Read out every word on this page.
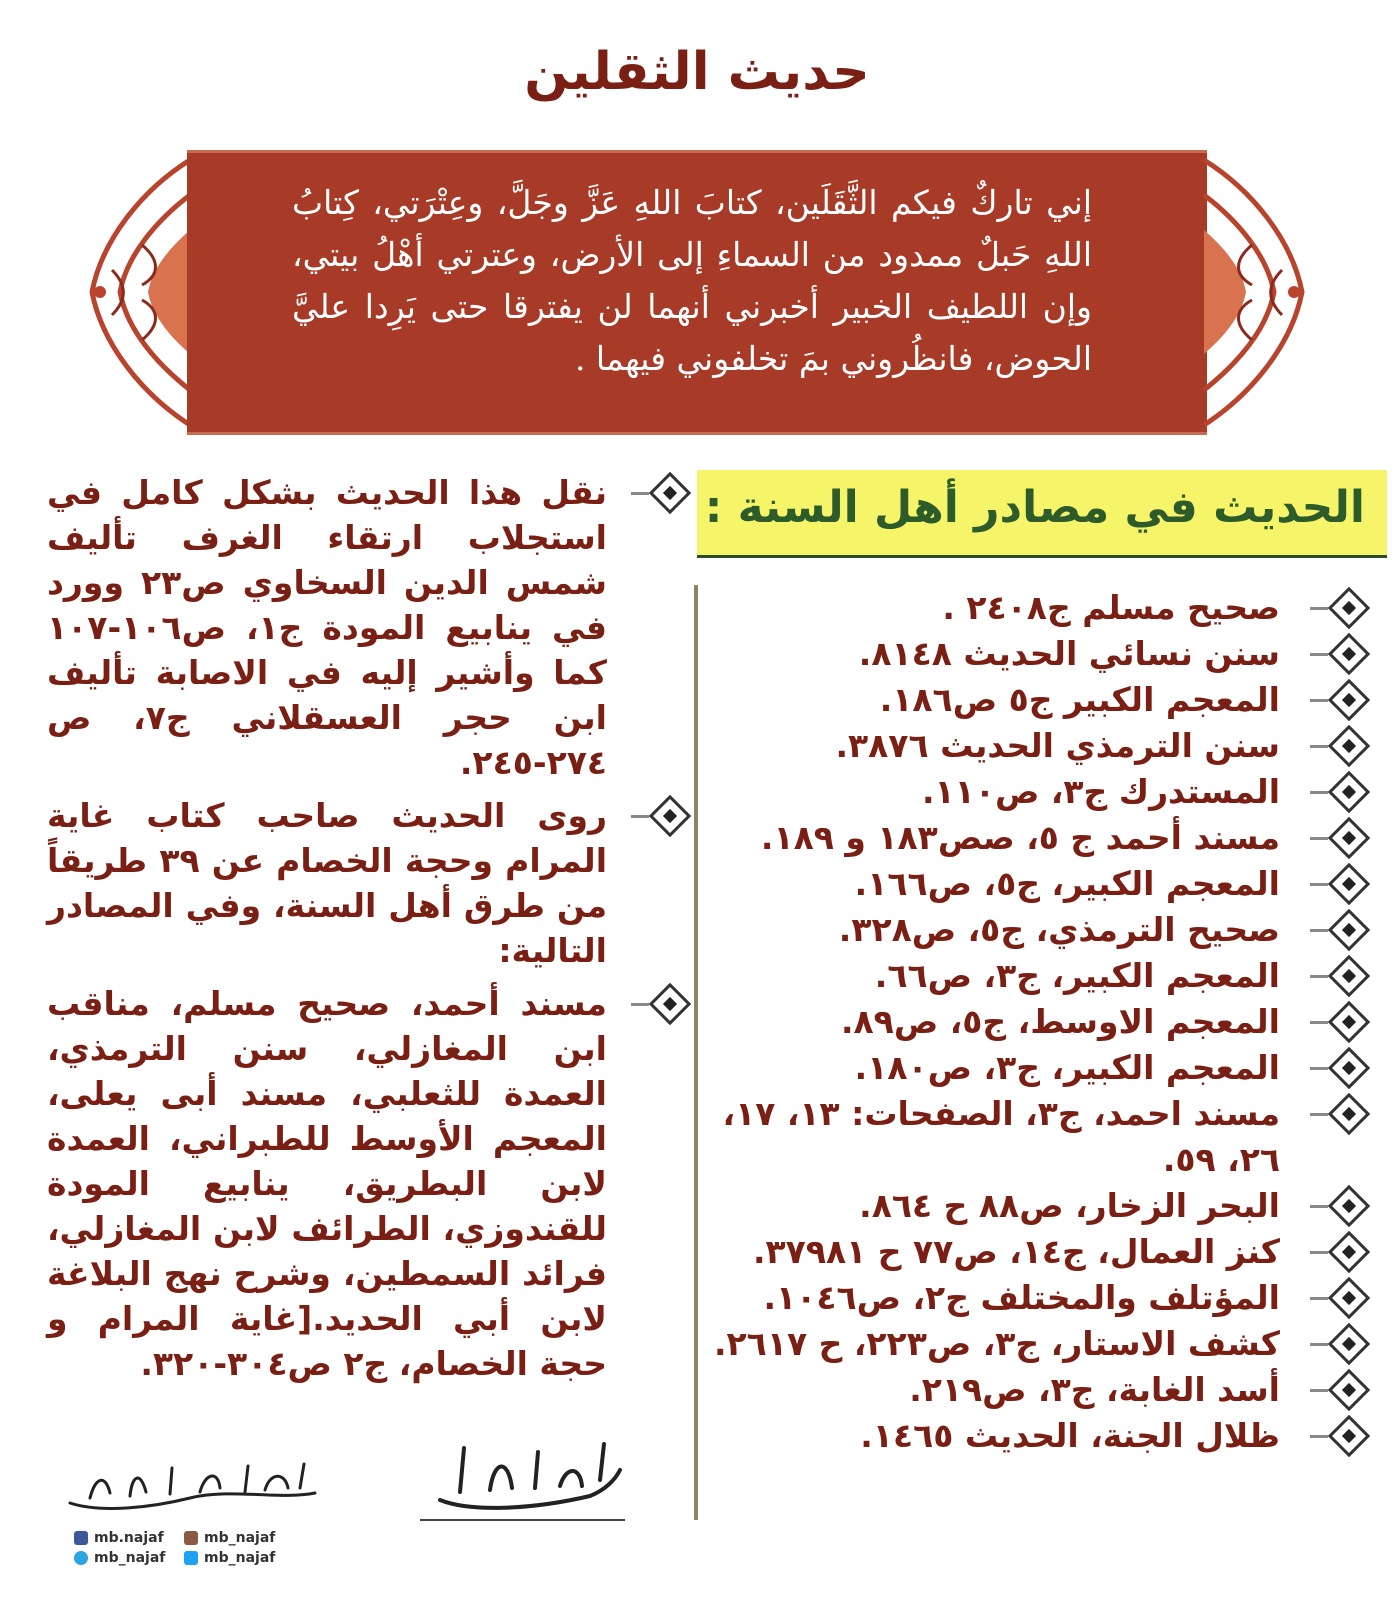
حديث الثقلين

إني تاركٌ فيكم الثَّقَلَين، كتابَ اللهِ عَزَّ وجَلَّ، وعِتْرَتي، كِتابُ اللهِ حَبلٌ ممدود من السماءِ إلى الأرض، وعترتي أهْلُ بيتي، وإن اللطيف الخبير أخبرني أنهما لن يفترقا حتى يَرِدا عليَّ الحوض، فانظُروني بمَ تخلفوني فيهما .

الحديث في مصادر أهل السنة :
صحيح مسلم ج٢٤٠٨ .
سنن نسائي الحديث ٨١٤٨.
المعجم الكبير ج٥ ص١٨٦.
سنن الترمذي الحديث ٣٨٧٦.
المستدرك ج٣، ص١١٠.
مسند أحمد ج ٥، صص١٨٣ و ١٨٩.
المعجم الكبير، ج٥، ص١٦٦.
صحيح الترمذي، ج٥، ص٣٢٨.
المعجم الكبير، ج٣، ص٦٦.
المعجم الاوسط، ج٥، ص٨٩.
المعجم الكبير، ج٣، ص١٨٠.
مسند احمد، ج٣، الصفحات: ١٣، ١٧، ٢٦، ٥٩.
البحر الزخار، ص٨٨ ح ٨٦٤.
كنز العمال، ج١٤، ص٧٧ ح ٣٧٩٨١.
المؤتلف والمختلف ج٢، ص١٠٤٦.
كشف الاستار، ج٣، ص٢٢٣، ح ٢٦١٧.
أسد الغابة، ج٣، ص٢١٩.
ظلال الجنة، الحديث ١٤٦٥.
نقل هذا الحديث بشكل كامل في استجلاب ارتقاء الغرف تأليف شمس الدين السخاوي ص٢٣ وورد في ينابيع المودة ج١، ص١٠٦-١٠٧ كما وأشير إليه في الاصابة تأليف ابن حجر العسقلاني ج٧، ص ٢٧٤-٢٤٥.
روى الحديث صاحب كتاب غاية المرام وحجة الخصام عن ٣٩ طريقاً من طرق أهل السنة، وفي المصادر التالية:
مسند أحمد، صحيح مسلم، مناقب ابن المغازلي، سنن الترمذي، العمدة للثعلبي، مسند أبى يعلى، المعجم الأوسط للطبراني، العمدة لابن البطريق، ينابيع المودة للقندوزي، الطرائف لابن المغازلي، فرائد السمطين، وشرح نهج البلاغة لابن أبي الحديد.[غاية المرام و حجة الخصام، ج٢ ص٣٠٤-٣٢٠.
mb.najaf	mb_najaf
mb_najaf	mb_najaf
